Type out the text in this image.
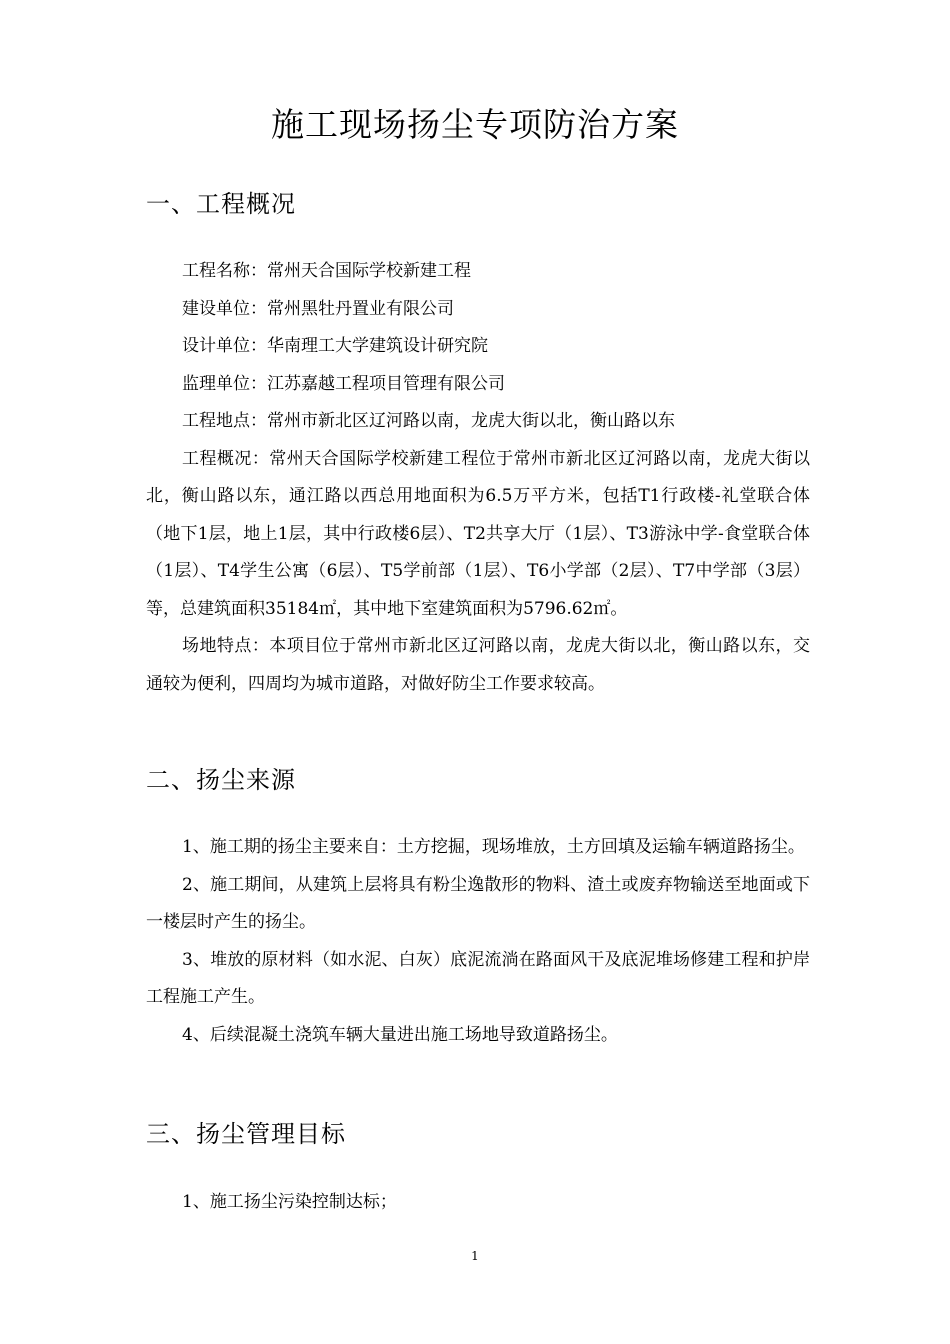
施工现场扬尘专项防治方案
一、工程概况

工程名称：常州天合国际学校新建工程

建设单位：常州黑牡丹置业有限公司

设计单位：华南理工大学建筑设计研究院

监理单位：江苏嘉越工程项目管理有限公司

工程地点：常州市新北区辽河路以南，龙虎大街以北，衡山路以东

工程概况：常州天合国际学校新建工程位于常州市新北区辽河路以南，龙虎大街以北，衡山路以东，通江路以西总用地面积为6.5万平方米，包括T1行政楼-礼堂联合体（地下1层，地上1层，其中行政楼6层）、T2共享大厅（1层）、T3游泳中学-食堂联合体（1层）、T4学生公寓（6层）、T5学前部（1层）、T6小学部（2层）、T7中学部（3层）等，总建筑面积35184㎡，其中地下室建筑面积为5796.62㎡。

场地特点：本项目位于常州市新北区辽河路以南，龙虎大街以北，衡山路以东，交通较为便利，四周均为城市道路，对做好防尘工作要求较高。

二、扬尘来源

1、施工期的扬尘主要来自：土方挖掘，现场堆放，土方回填及运输车辆道路扬尘。

2、施工期间，从建筑上层将具有粉尘逸散形的物料、渣土或废弃物输送至地面或下一楼层时产生的扬尘。

3、堆放的原材料（如水泥、白灰）底泥流淌在路面风干及底泥堆场修建工程和护岸工程施工产生。

4、后续混凝土浇筑车辆大量进出施工场地导致道路扬尘。

三、扬尘管理目标

1、施工扬尘污染控制达标；

1
